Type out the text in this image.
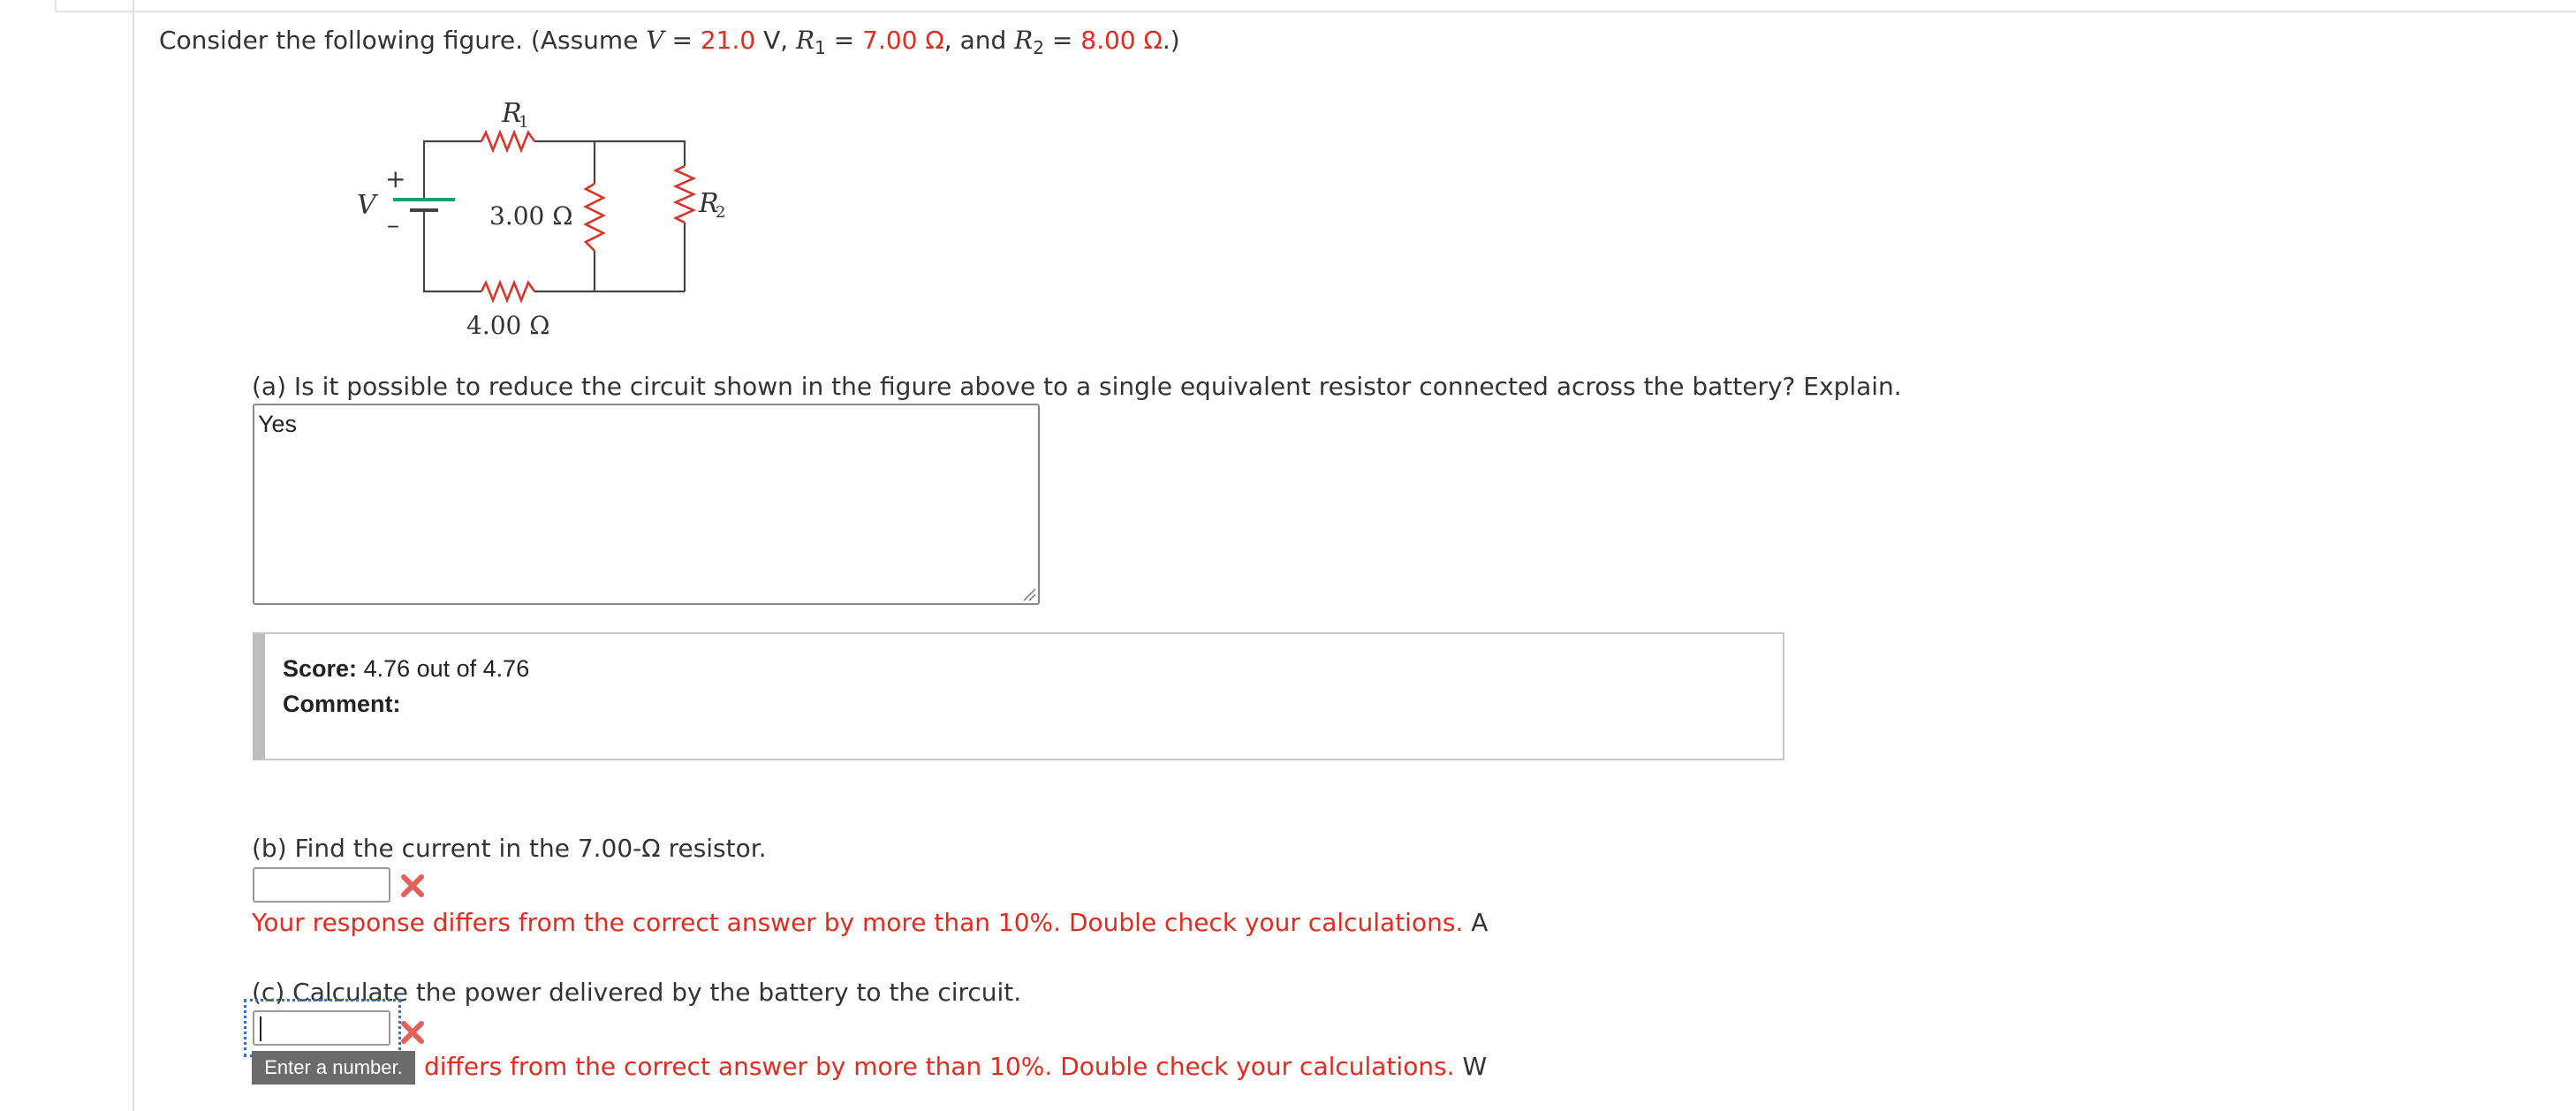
Consider the following figure. (Assume V = 21.0 V, $R_1 = 7.00$ Ω, and $R_2 = 8.00$ Ω.)
R
1
R
2
V
+
–	3.00 Ω
4.00 Ω
(a) Is it possible to reduce the circuit shown in the figure above to a single equivalent resistor connected across the battery? Explain.
Yes
Score: 4.76 out of 4.76
Comment:
(b) Find the current in the 7.00-Ω resistor.
Your response differs from the correct answer by more than 10%. Double check your calculations. A
(c) Calculate the power delivered by the battery to the circuit.
Enter a number. differs from the correct answer by more than 10%. Double check your calculations. W
